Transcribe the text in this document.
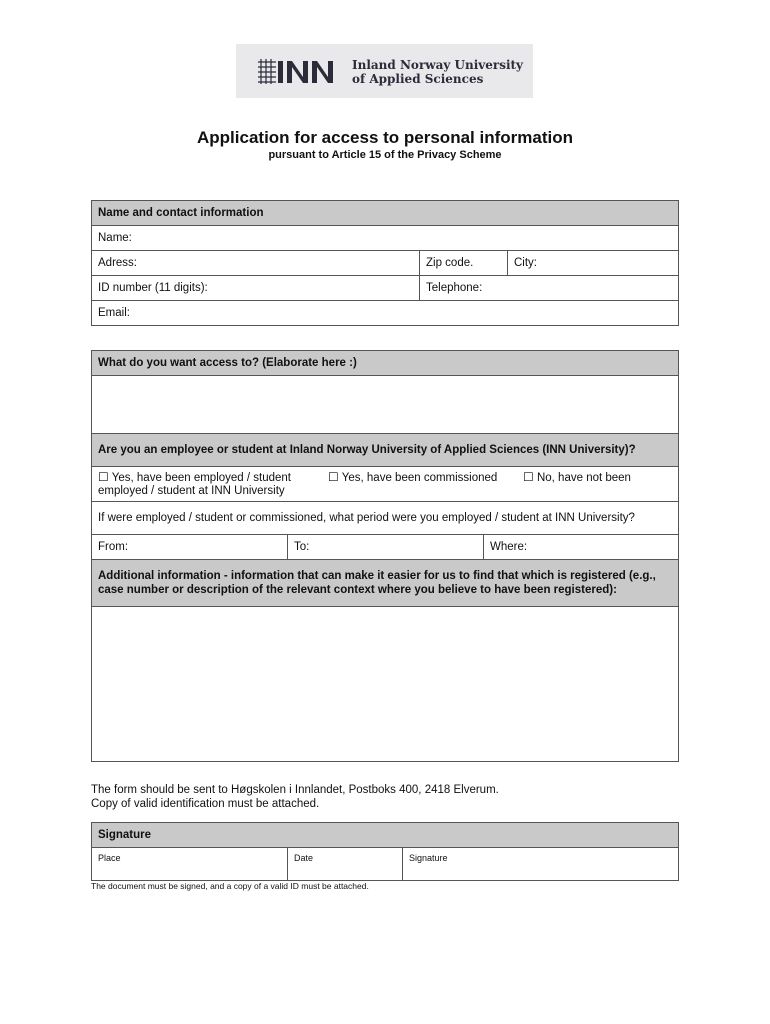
Inland Norway University
of Applied Sciences
Application for access to personal information
pursuant to Article 15 of the Privacy Scheme
Name and contact information		
Name:		
Adress:	Zip code.	City:
ID number (11 digits):	Telephone:	
Email:		
What do you want access to? (Elaborate here :)

Are you an employee or student at Inland Norway University of Applied Sciences (INN University)?

☐ Yes, have been employed / student employed / student at INN University
☐ Yes, have been commissioned ☐ No, have not been

If were employed / student or commissioned, what period were you employed / student at INN University?
From:	To:	Where:
Additional information - information that can make it easier for us to find that which is registered (e.g., case number or description of the relevant context where you believe to have been registered):

The form should be sent to Høgskolen i Innlandet, Postboks 400, 2418 Elverum.
Copy of valid identification must be attached.
Signature
Place	Date	Signature
The document must be signed, and a copy of a valid ID must be attached.
